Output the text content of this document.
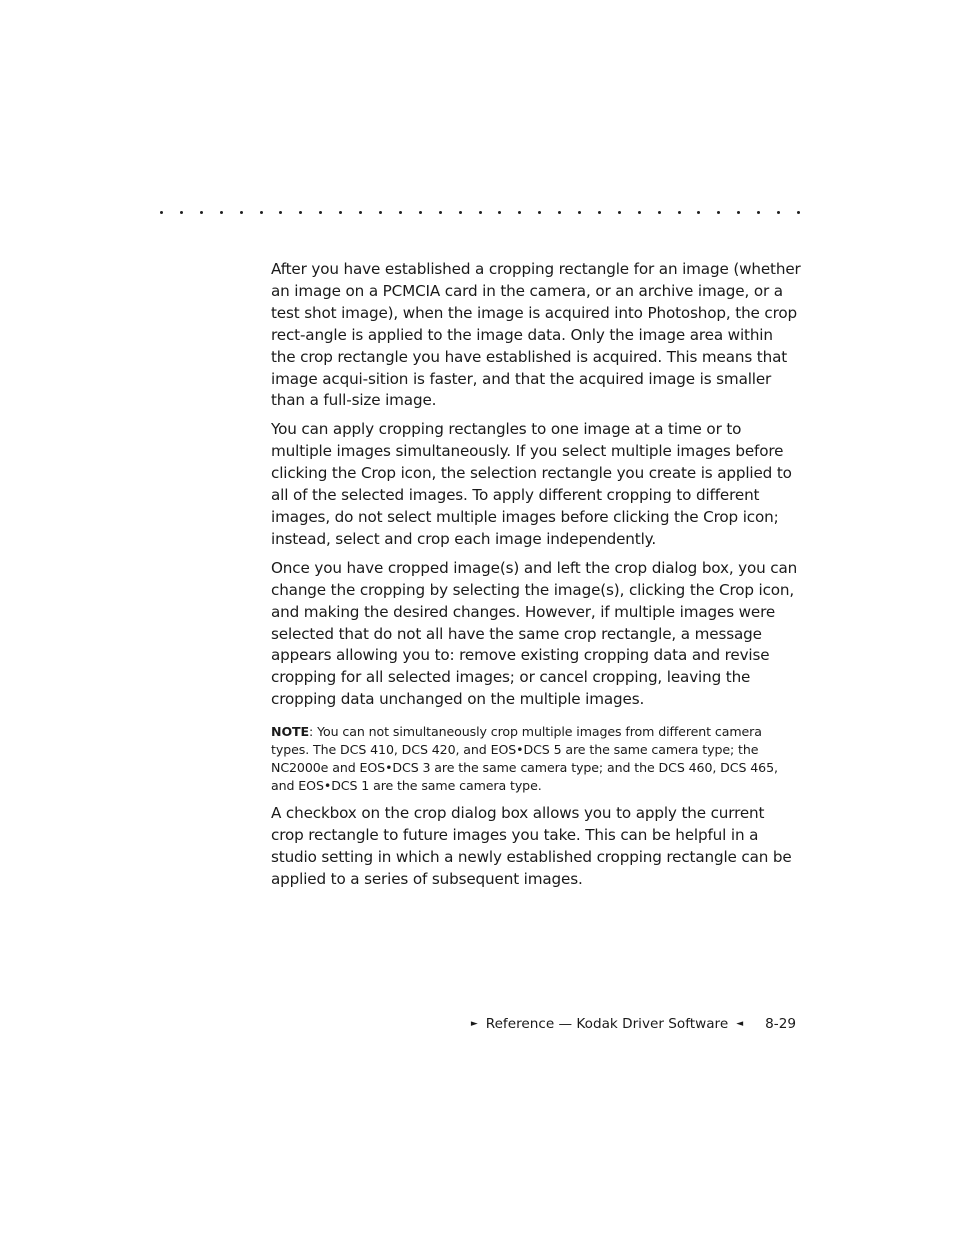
After you have established a cropping rectangle for an image (whether an image on a PCMCIA card in the camera, or an archive image, or a test shot image), when the image is acquired into Photoshop, the crop rect-angle is applied to the image data. Only the image area within the crop rectangle you have established is acquired. This means that image acqui-sition is faster, and that the acquired image is smaller than a full-size image.

You can apply cropping rectangles to one image at a time or to multiple images simultaneously. If you select multiple images before clicking the Crop icon, the selection rectangle you create is applied to all of the selected images. To apply different cropping to different images, do not select multiple images before clicking the Crop icon; instead, select and crop each image independently.

Once you have cropped image(s) and left the crop dialog box, you can change the cropping by selecting the image(s), clicking the Crop icon, and making the desired changes. However, if multiple images were selected that do not all have the same crop rectangle, a message appears allowing you to: remove existing cropping data and revise cropping for all selected images; or cancel cropping, leaving the cropping data unchanged on the multiple images.

NOTE: You can not simultaneously crop multiple images from different camera types. The DCS 410, DCS 420, and EOS•DCS 5 are the same camera type; the NC2000e and EOS•DCS 3 are the same camera type; and the DCS 460, DCS 465, and EOS•DCS 1 are the same camera type.

A checkbox on the crop dialog box allows you to apply the current crop rectangle to future images you take. This can be helpful in a studio setting in which a newly established cropping rectangle can be applied to a series of subsequent images.

► Reference — Kodak Driver Software ◄ 8-29
